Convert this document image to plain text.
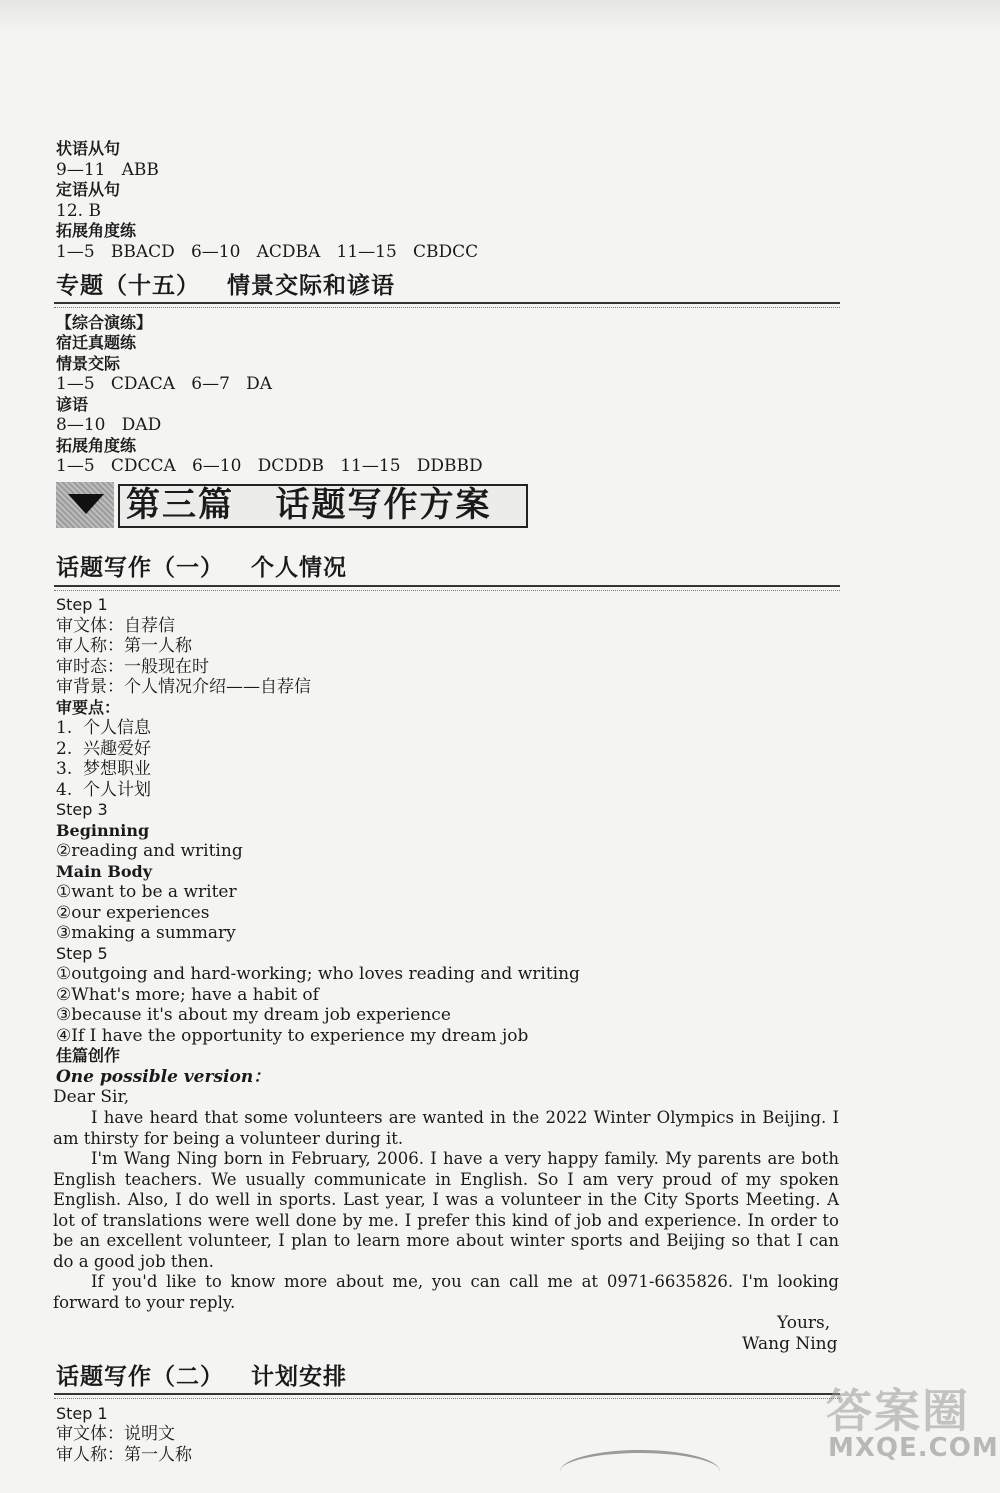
状语从句
9—11   ABB
定语从句
12. B
拓展角度练
1—5   BBACD   6—10   ACDBA   11—15   CBDCC
专题（十五）   情景交际和谚语
【综合演练】
宿迁真题练
情景交际
1—5   CDACA   6—7   DA
谚语
8—10   DAD
拓展角度练
1—5   CDCCA   6—10   DCDDB   11—15   DDBBD
第三篇   话题写作方案
话题写作（一）   个人情况
Step 1
审文体：自荐信
审人称：第一人称
审时态：一般现在时
审背景：个人情况介绍——自荐信
审要点：
1.  个人信息
2.  兴趣爱好
3.  梦想职业
4.  个人计划
Step 3
Beginning
②reading and writing
Main Body
①want to be a writer
②our experiences
③making a summary
Step 5
①outgoing and hard-working; who loves reading and writing
②What's more; have a habit of
③because it's about my dream job experience
④If I have the opportunity to experience my dream job
佳篇创作
One possible version：
Dear Sir,
I have heard that some volunteers are wanted in the 2022 Winter Olympics in Beijing. I am thirsty for being a volunteer during it.
I'm Wang Ning born in February, 2006. I have a very happy family. My parents are both English teachers. We usually communicate in English. So I am very proud of my spoken English. Also, I do well in sports. Last year, I was a volunteer in the City Sports Meeting. A lot of translations were well done by me. I prefer this kind of job and experience. In order to be an excellent volunteer, I plan to learn more about winter sports and Beijing so that I can do a good job then.
If you'd like to know more about me, you can call me at 0971-6635826. I'm looking forward to your reply.
Yours,
Wang Ning
话题写作（二）   计划安排
Step 1
审文体：说明文
审人称：第一人称
答案圈
MXQE.COM
